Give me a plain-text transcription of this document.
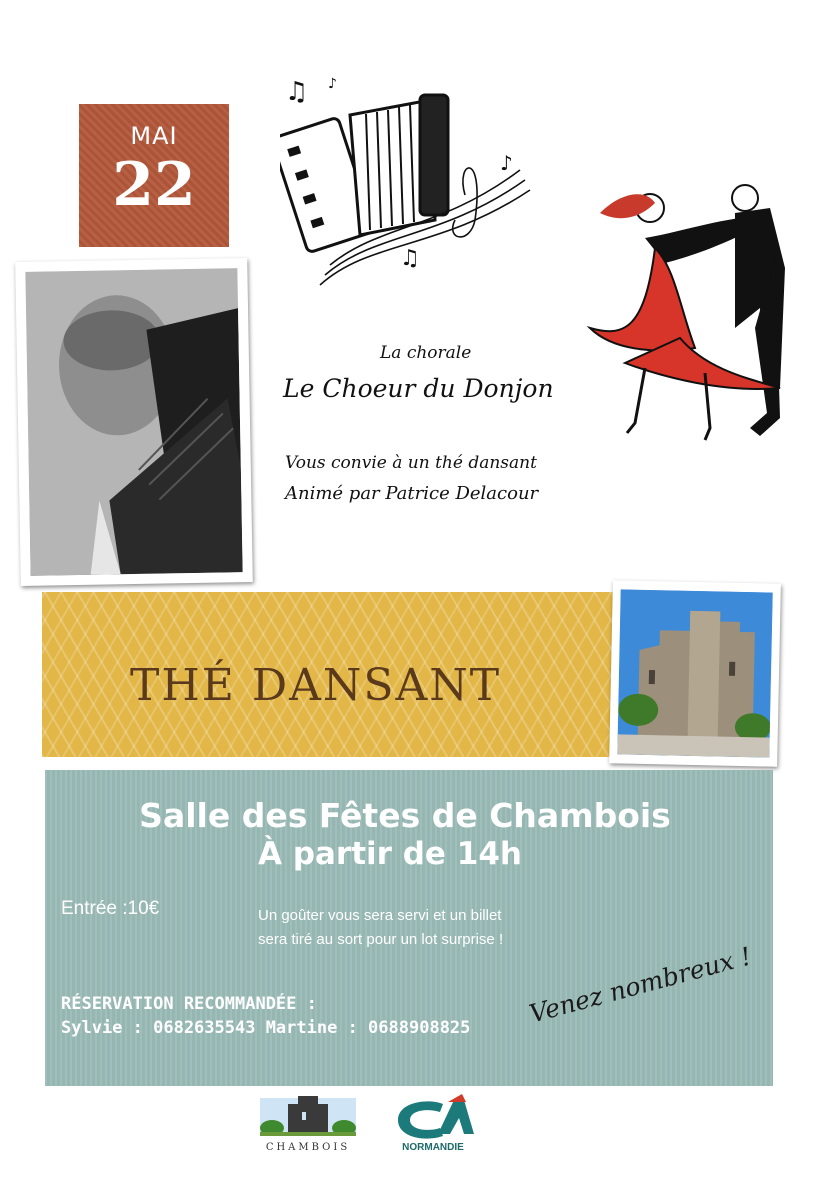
MAI
22
♫ ♪
♫
♪
La chorale
Le Choeur du Donjon
Vous convie à un thé dansant
Animé par Patrice Delacour
THÉ DANSANT
Salle des Fêtes de Chambois
À partir de 14h
Entrée :10€	Un goûter vous sera servi et un billet
sera tiré au sort pour un lot surprise !
RÉSERVATION RECOMMANDÉE :
Sylvie : 0682635543 Martine : 0688908825 Venez nombreux !
CHAMBOIS	NORMANDIE
